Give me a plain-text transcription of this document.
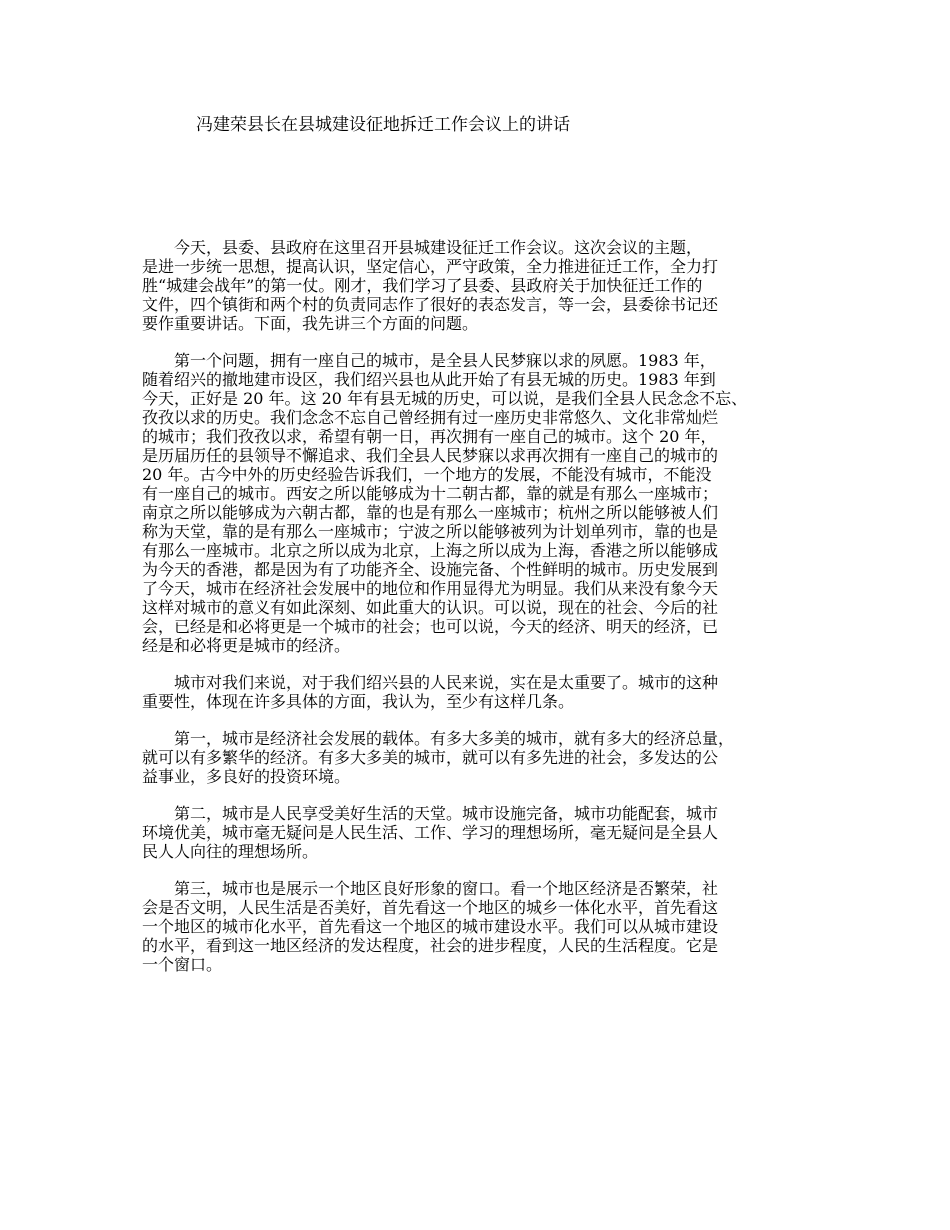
冯建荣县长在县城建设征地拆迁工作会议上的讲话
　　今天，县委、县政府在这里召开县城建设征迁工作会议。这次会议的主题，
是进一步统一思想，提高认识，坚定信心，严守政策，全力推进征迁工作，全力打
胜“城建会战年”的第一仗。刚才，我们学习了县委、县政府关于加快征迁工作的
文件，四个镇街和两个村的负责同志作了很好的表态发言，等一会，县委徐书记还
要作重要讲话。下面，我先讲三个方面的问题。
　　第一个问题，拥有一座自己的城市，是全县人民梦寐以求的夙愿。1983 年，
随着绍兴的撤地建市设区，我们绍兴县也从此开始了有县无城的历史。1983 年到
今天，正好是 20 年。这 20 年有县无城的历史，可以说，是我们全县人民念念不忘、
孜孜以求的历史。我们念念不忘自己曾经拥有过一座历史非常悠久、文化非常灿烂
的城市；我们孜孜以求，希望有朝一日，再次拥有一座自己的城市。这个 20 年，
是历届历任的县领导不懈追求、我们全县人民梦寐以求再次拥有一座自己的城市的
20 年。古今中外的历史经验告诉我们，一个地方的发展，不能没有城市，不能没
有一座自己的城市。西安之所以能够成为十二朝古都，靠的就是有那么一座城市；
南京之所以能够成为六朝古都，靠的也是有那么一座城市；杭州之所以能够被人们
称为天堂，靠的是有那么一座城市；宁波之所以能够被列为计划单列市，靠的也是
有那么一座城市。北京之所以成为北京，上海之所以成为上海，香港之所以能够成
为今天的香港，都是因为有了功能齐全、设施完备、个性鲜明的城市。历史发展到
了今天，城市在经济社会发展中的地位和作用显得尤为明显。我们从来没有象今天
这样对城市的意义有如此深刻、如此重大的认识。可以说，现在的社会、今后的社
会，已经是和必将更是一个城市的社会；也可以说，今天的经济、明天的经济，已
经是和必将更是城市的经济。
　　城市对我们来说，对于我们绍兴县的人民来说，实在是太重要了。城市的这种
重要性，体现在许多具体的方面，我认为，至少有这样几条。
　　第一，城市是经济社会发展的载体。有多大多美的城市，就有多大的经济总量，
就可以有多繁华的经济。有多大多美的城市，就可以有多先进的社会，多发达的公
益事业，多良好的投资环境。
　　第二，城市是人民享受美好生活的天堂。城市设施完备，城市功能配套，城市
环境优美，城市毫无疑问是人民生活、工作、学习的理想场所，毫无疑问是全县人
民人人向往的理想场所。
　　第三，城市也是展示一个地区良好形象的窗口。看一个地区经济是否繁荣，社
会是否文明，人民生活是否美好，首先看这一个地区的城乡一体化水平，首先看这
一个地区的城市化水平，首先看这一个地区的城市建设水平。我们可以从城市建设
的水平，看到这一地区经济的发达程度，社会的进步程度，人民的生活程度。它是
一个窗口。
